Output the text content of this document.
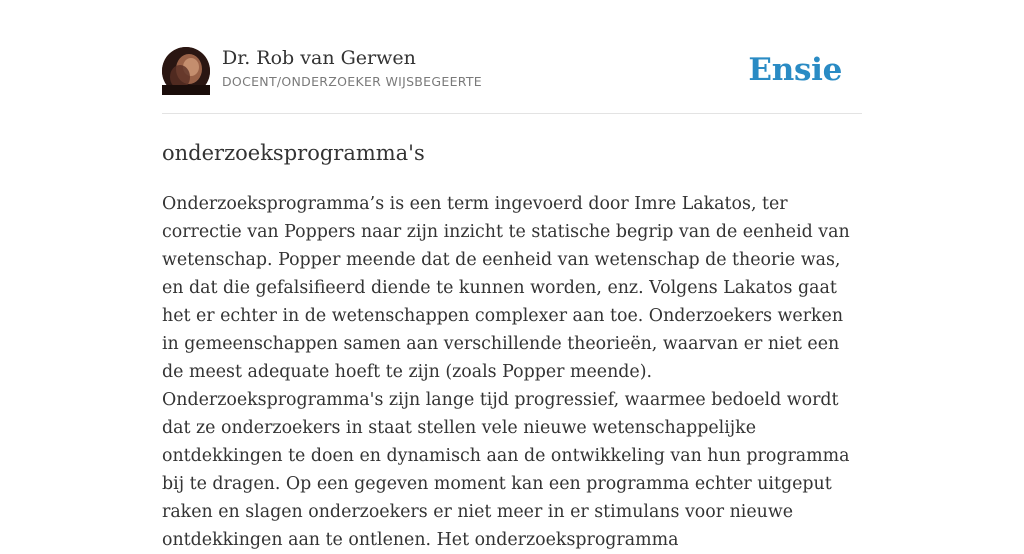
Dr. Rob van Gerwen
DOCENT/ONDERZOEKER WIJSBEGEERTE	Ensie
onderzoeksprogramma's

Onderzoeksprogramma’s is een term ingevoerd door Imre Lakatos, ter correctie van Poppers naar zijn inzicht te statische begrip van de eenheid van wetenschap. Popper meende dat de eenheid van wetenschap de theorie was, en dat die gefalsifieerd diende te kunnen worden, enz. Volgens Lakatos gaat het er echter in de wetenschappen complexer aan toe. Onderzoekers werken in gemeenschappen samen aan verschillende theorieën, waarvan er niet een de meest adequate hoeft te zijn (zoals Popper meende). Onderzoeksprogramma's zijn lange tijd progressief, waarmee bedoeld wordt dat ze onderzoekers in staat stellen vele nieuwe wetenschappelijke ontdekkingen te doen en dynamisch aan de ontwikkeling van hun programma bij te dragen. Op een gegeven moment kan een programma echter uitgeput raken en slagen onderzoekers er niet meer in er stimulans voor nieuwe ontdekkingen aan te ontlenen. Het onderzoeksprogramma
